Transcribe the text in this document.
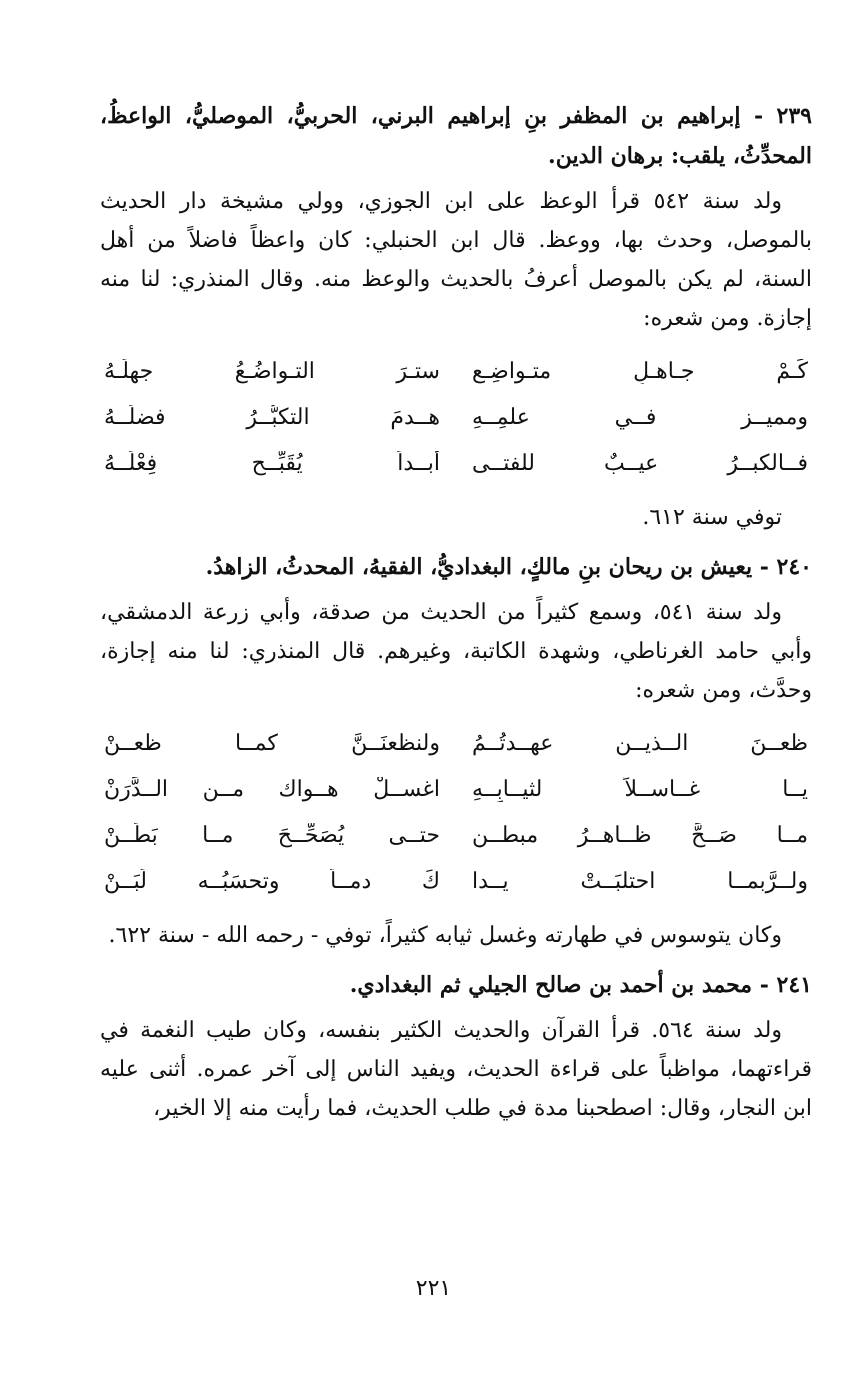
٢٣٩ - إبراهيم بن المظفر بنِ إبراهيم البرني، الحربيُّ، الموصليُّ، الواعظُ، المحدِّثُ، يلقب: برهان الدين.

ولد سنة ٥٤٢ قرأ الوعظ على ابن الجوزي، وولي مشيخة دار الحديث بالموصل، وحدث بها، ووعظ. قال ابن الحنبلي: كان واعظاً فاضلاً من أهل السنة، لم يكن بالموصل أعرفُ بالحديث والوعظ منه. وقال المنذري: لنا منه إجازة. ومن شعره:

كَـمْ جـاهـلٍ متـواضِـعٍ
ستـرَ التـواضُـعُ جهلَـهُ
ومميــز فــي علمِــهِ
هــدمَ التكبُّــرُ فضلَــهُ
فــالكبــرُ عيــبٌ للفتــى
أبــداً يُقَبِّــح فِعْلَــهُ

توفي سنة ٦١٢.

٢٤٠ - يعيش بن ريحان بنِ مالكٍ، البغداديُّ، الفقيهُ، المحدثُ، الزاهدُ.

ولد سنة ٥٤١، وسمع كثيراً من الحديث من صدقة، وأبي زرعة الدمشقي، وأبي حامد الغرناطي، وشهدة الكاتبة، وغيرهم. قال المنذري: لنا منه إجازة، وحدَّث، ومن شعره:

ظعــنَ الــذيــن عهــدتُــمُ
ولنظعنَــنَّ كمــا ظعــنْ
يــا غــاســلاً لثيــابِــهِ
اغســلْ هــواك مــن الــدَّرَنْ
مــا صَــحَّ ظــاهــرُ مبطــنٍ
حتــى يُصَحِّــحَ مــا بَطَــنْ
ولــرَّبمــا احتلبَــتْ يــدا
كَ دمــاً وتحسَبُــه لَبَــنْ

وكان يتوسوس في طهارته وغسل ثيابه كثيراً، توفي - رحمه الله - سنة ٦٢٢.

٢٤١ - محمد بن أحمد بن صالح الجيلي ثم البغدادي.

ولد سنة ٥٦٤. قرأ القرآن والحديث الكثير بنفسه، وكان طيب النغمة في قراءتهما، مواظباً على قراءة الحديث، ويفيد الناس إلى آخر عمره. أثنى عليه ابن النجار، وقال: اصطحبنا مدة في طلب الحديث، فما رأيت منه إلا الخير،

٢٢١
